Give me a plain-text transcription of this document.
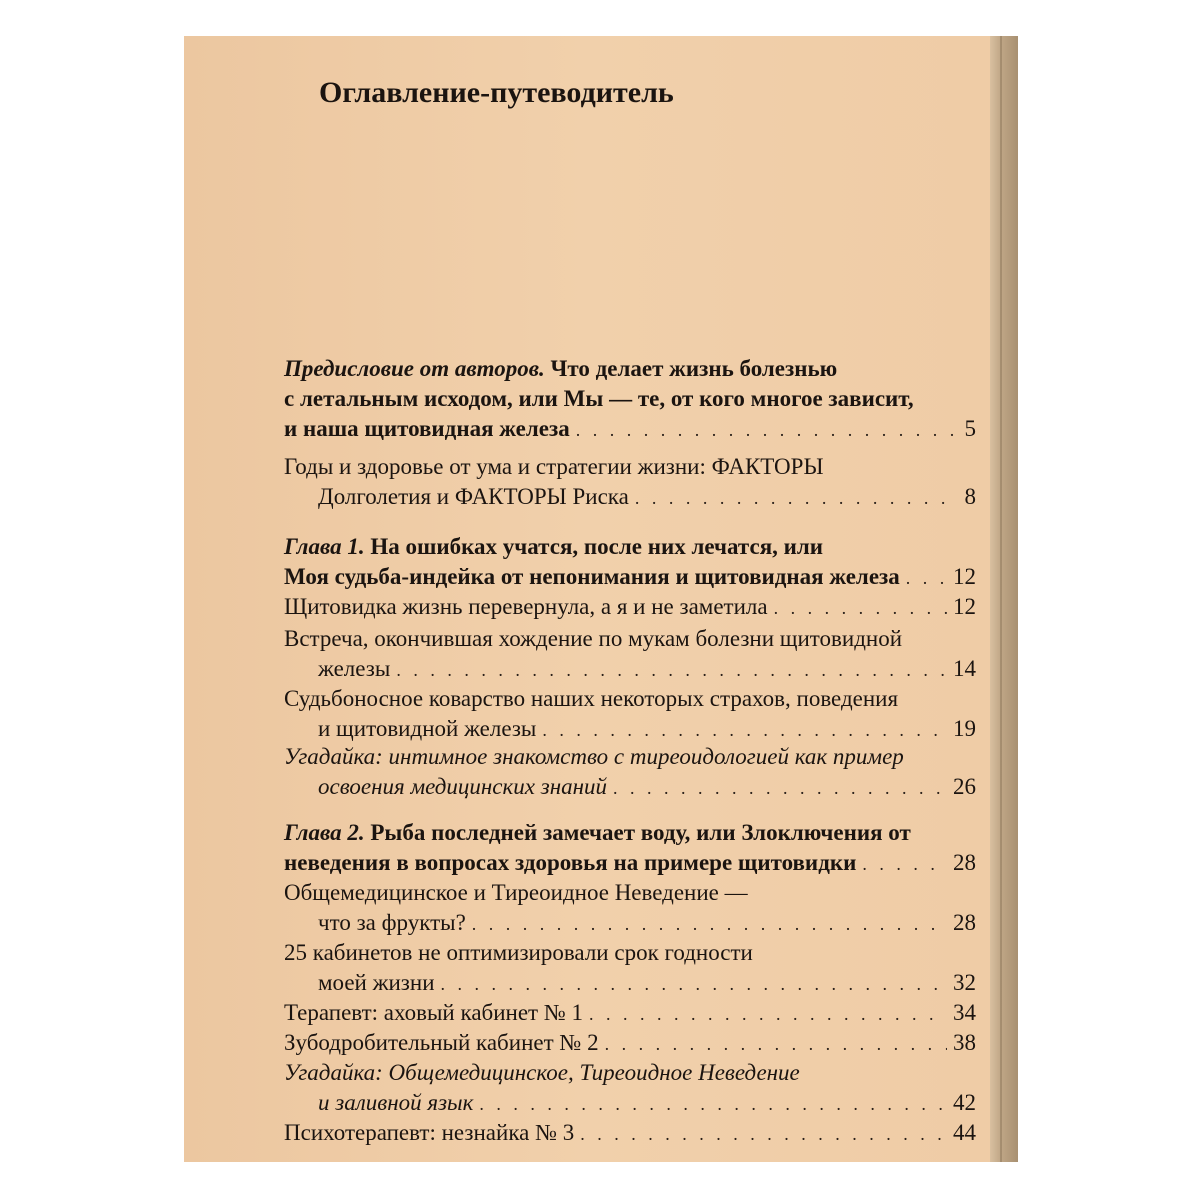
Оглавление-путеводитель
Предисловие от авторов. Что делает жизнь болезнью
с летальным исходом, или Мы — те, от кого многое зависит,
и наша щитовидная железа . . .	5
Годы и здоровье от ума и стратегии жизни: ФАКТОРЫ
Долголетия и ФАКТОРЫ Риска . . .	8
Глава 1. На ошибках учатся, после них лечатся, или
Моя судьба-индейка от непонимания и щитовидная железа . . . 12
Щитовидка жизнь перевернула, а я и не заметила . . .	12
Встреча, окончившая хождение по мукам болезни щитовидной
железы . . .	14
Судьбоносное коварство наших некоторых страхов, поведения
и щитовидной железы . . .	19
Угадайка: интимное знакомство с тиреоидологией как пример
освоения медицинских знаний . . .	26
Глава 2. Рыба последней замечает воду, или Злоключения от
неведения в вопросах здоровья на примере щитовидки . . .	28
Общемедицинское и Тиреоидное Неведение —
что за фрукты? . . .	28
25 кабинетов не оптимизировали срок годности
моей жизни . . .	32
Терапевт: аховый кабинет № 1 . . .	34
Зубодробительный кабинет № 2 . . .	38
Угадайка: Общемедицинское, Тиреоидное Неведение
и заливной язык . . .	42
Психотерапевт: незнайка № 3 . . .	44
